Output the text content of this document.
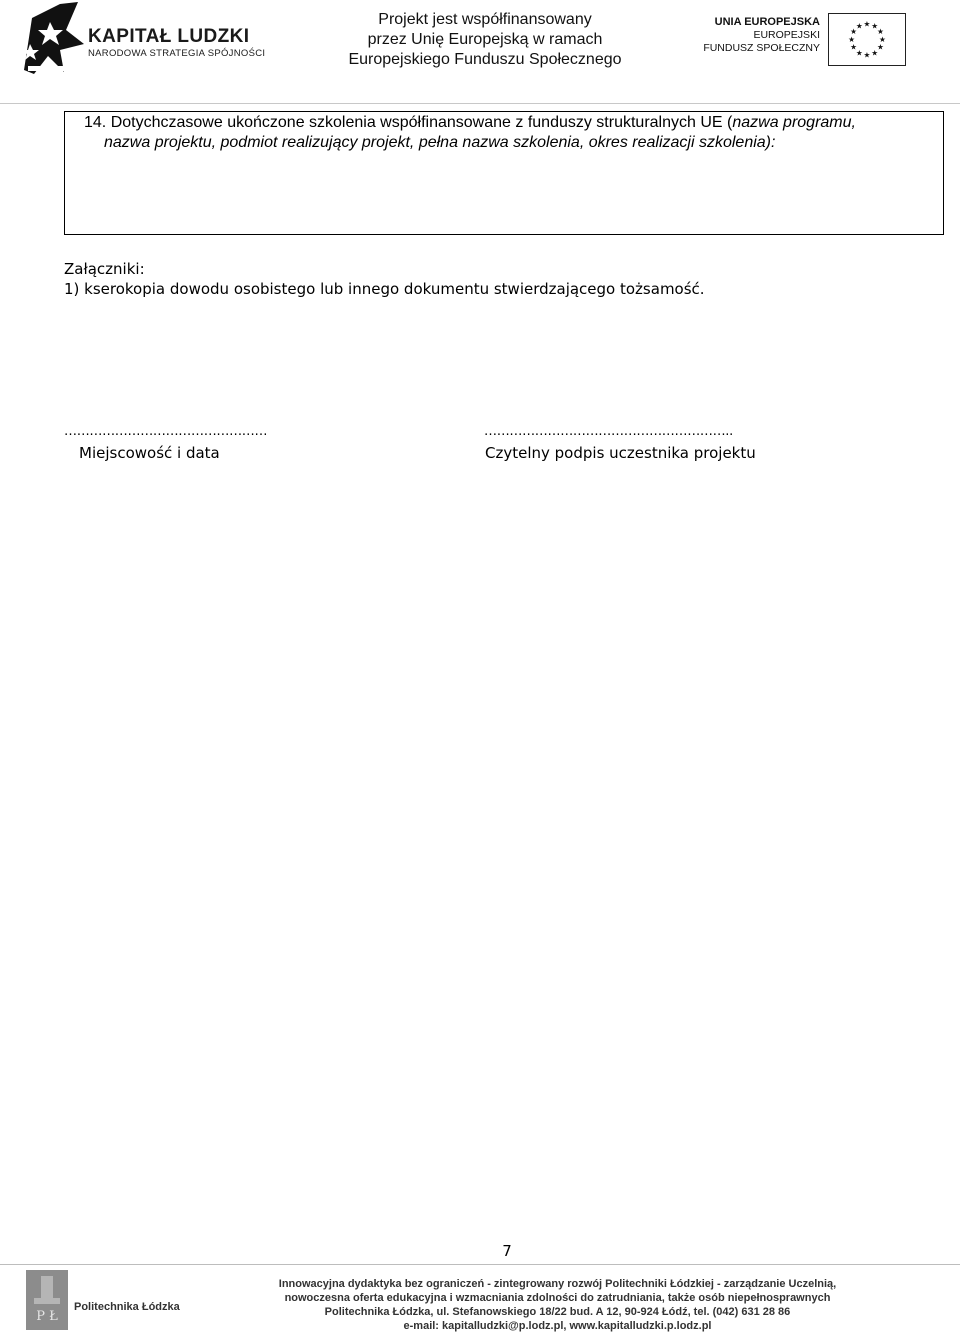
KAPITAŁ LUDZKI
NARODOWA STRATEGIA SPÓJNOŚCI
Projekt jest współfinansowany
przez Unię Europejską w ramach
Europejskiego Funduszu Społecznego
UNIA EUROPEJSKA
EUROPEJSKI
FUNDUSZ SPOŁECZNY
★ ★
★
★
★
★
★
★
★
★
★
★
14. Dotychczasowe ukończone szkolenia współfinansowane z funduszy strukturalnych UE (nazwa programu,
nazwa projektu, podmiot realizujący projekt, pełna nazwa szkolenia, okres realizacji szkolenia):
Załączniki:
1) kserokopia dowodu osobistego lub innego dokumentu stwierdzającego tożsamość.
…………………………………………	…………………………………………………..
Miejscowość i data	Czytelny podpis uczestnika projektu
7
P Ł
Politechnika Łódzka
Innowacyjna dydaktyka bez ograniczeń - zintegrowany rozwój Politechniki Łódzkiej - zarządzanie Uczelnią,
nowoczesna oferta edukacyjna i wzmacniania zdolności do zatrudniania, także osób niepełnosprawnych
Politechnika Łódzka, ul. Stefanowskiego 18/22 bud. A 12, 90-924 Łódź, tel. (042) 631 28 86
e-mail: kapitalludzki@p.lodz.pl, www.kapitalludzki.p.lodz.pl
